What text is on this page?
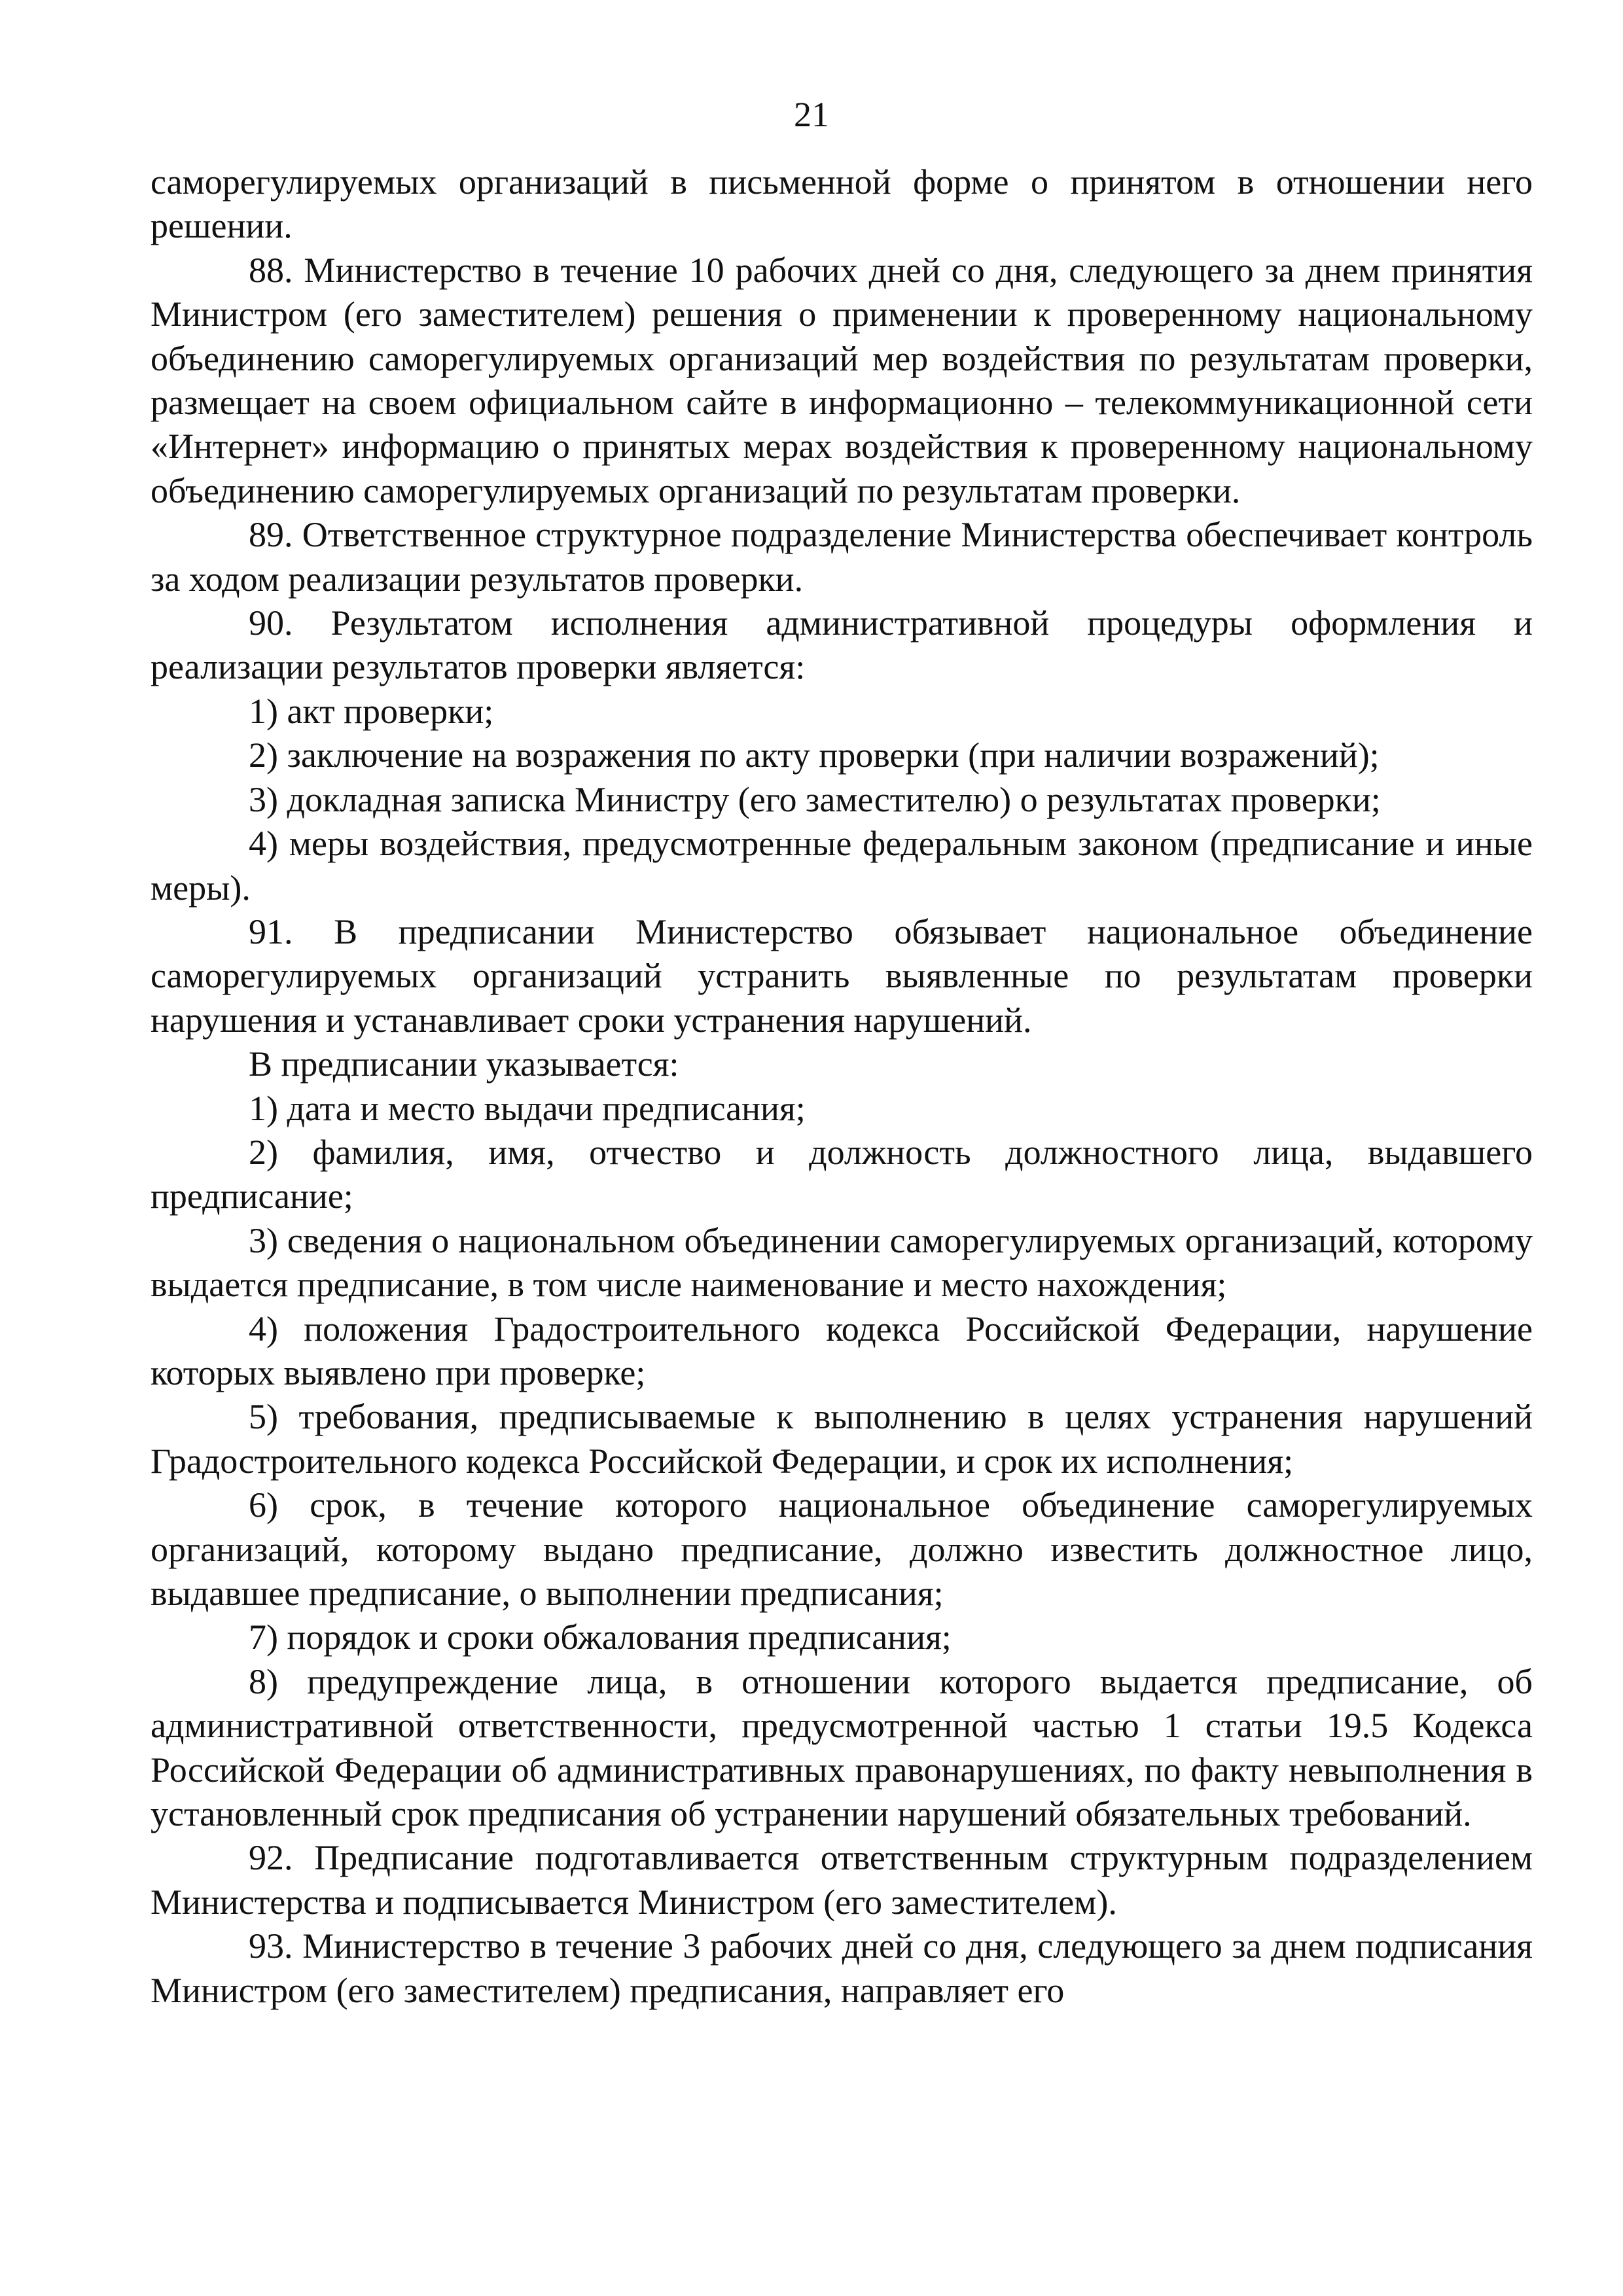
21

саморегулируемых организаций в письменной форме о принятом в отношении него решении.

88. Министерство в течение 10 рабочих дней со дня, следующего за днем принятия Министром (его заместителем) решения о применении к проверенному национальному объединению саморегулируемых организаций мер воздействия по результатам проверки, размещает на своем официальном сайте в информационно – телекоммуникационной сети «Интернет» информацию о принятых мерах воздействия к проверенному национальному объединению саморегулируемых организаций по результатам проверки.

89. Ответственное структурное подразделение Министерства обеспечивает контроль за ходом реализации результатов проверки.

90. Результатом исполнения административной процедуры оформления и реализации результатов проверки является:

1) акт проверки;

2) заключение на возражения по акту проверки (при наличии возражений);

3) докладная записка Министру (его заместителю) о результатах проверки;

4) меры воздействия, предусмотренные федеральным законом (предписание и иные меры).

91. В предписании Министерство обязывает национальное объединение саморегулируемых организаций устранить выявленные по результатам проверки нарушения и устанавливает сроки устранения нарушений.

В предписании указывается:

1) дата и место выдачи предписания;

2) фамилия, имя, отчество и должность должностного лица, выдавшего предписание;

3) сведения о национальном объединении саморегулируемых организаций, которому выдается предписание, в том числе наименование и место нахождения;

4) положения Градостроительного кодекса Российской Федерации, нарушение которых выявлено при проверке;

5) требования, предписываемые к выполнению в целях устранения нарушений Градостроительного кодекса Российской Федерации, и срок их исполнения;

6) срок, в течение которого национальное объединение саморегулируемых организаций, которому выдано предписание, должно известить должностное лицо, выдавшее предписание, о выполнении предписания;

7) порядок и сроки обжалования предписания;

8) предупреждение лица, в отношении которого выдается предписание, об административной ответственности, предусмотренной частью 1 статьи 19.5 Кодекса Российской Федерации об административных правонарушениях, по факту невыполнения в установленный срок предписания об устранении нарушений обязательных требований.

92. Предписание подготавливается ответственным структурным подразделением Министерства и подписывается Министром (его заместителем).

93. Министерство в течение 3 рабочих дней со дня, следующего за днем подписания Министром (его заместителем) предписания, направляет его
